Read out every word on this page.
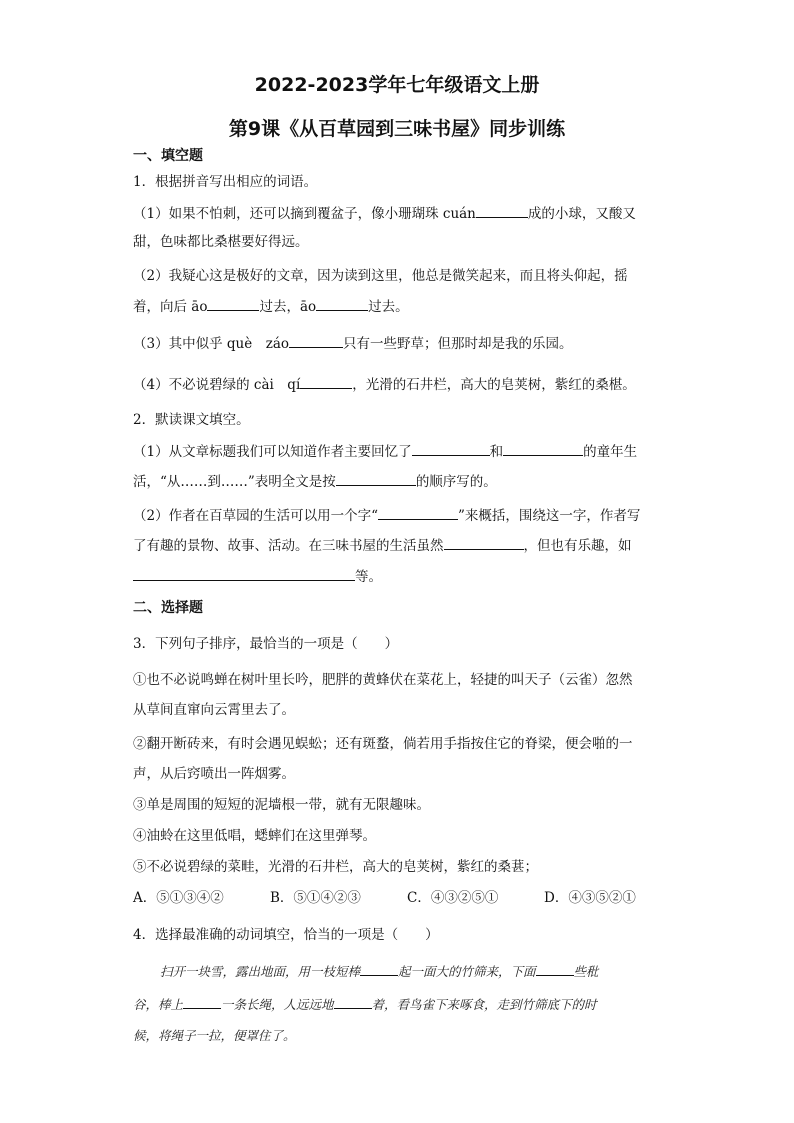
2022-2023学年七年级语文上册
第9课《从百草园到三味书屋》同步训练
一、填空题
1．根据拼音写出相应的词语。
（1）如果不怕刺，还可以摘到覆盆子，像小珊瑚珠 cuán	成的小球，又酸又
甜，色味都比桑椹要好得远。
（2）我疑心这是极好的文章，因为读到这里，他总是微笑起来，而且将头仰起，摇
着，向后 āo	过去，āo	过去。
（3）其中似乎 què　záo	只有一些野草；但那时却是我的乐园。
（4）不必说碧绿的 cài　qí	，光滑的石井栏，高大的皂荚树，紫红的桑椹。
2．默读课文填空。
（1）从文章标题我们可以知道作者主要回忆了	和	的童年生
活，“从……到……”表明全文是按	的顺序写的。
（2）作者在百草园的生活可以用一个字“	”来概括，围绕这一字，作者写
了有趣的景物、故事、活动。在三味书屋的生活虽然	，但也有乐趣，如
等。
二、选择题
3．下列句子排序，最恰当的一项是（　　）
①也不必说鸣蝉在树叶里长吟，肥胖的黄蜂伏在菜花上，轻捷的叫天子（云雀）忽然
从草间直窜向云霄里去了。
②翻开断砖来，有时会遇见蜈蚣；还有斑蝥，倘若用手指按住它的脊梁，便会啪的一
声，从后窍喷出一阵烟雾。
③单是周围的短短的泥墙根一带，就有无限趣味。
④油蛉在这里低唱，蟋蟀们在这里弹琴。
⑤不必说碧绿的菜畦，光滑的石井栏，高大的皂荚树，紫红的桑葚；
A．⑤①③④②	B．⑤①④②③	C．④③②⑤①	D．④③⑤②①
4．选择最准确的动词填空，恰当的一项是（　　）
扫开一块雪，露出地面，用一枝短棒	起一面大的竹筛来，下面	些秕
谷，棒上	一条长绳，人远远地	着，看鸟雀下来啄食，走到竹筛底下的时
候，将绳子一拉，便罩住了。
